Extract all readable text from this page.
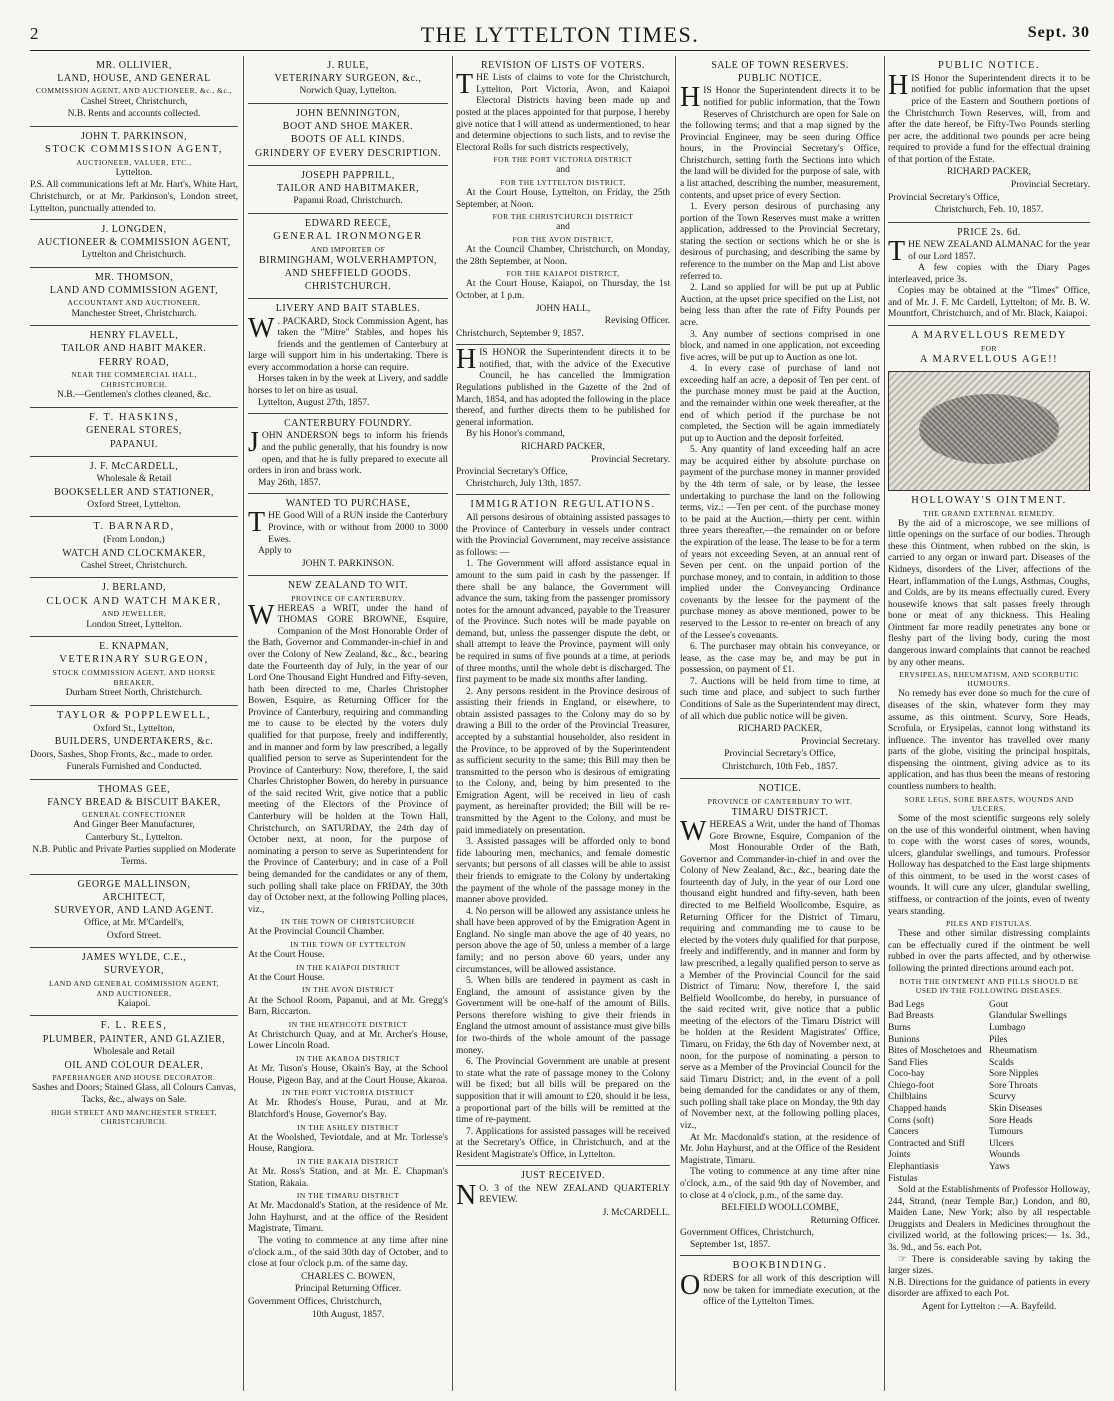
2	THE LYTTELTON TIMES.	Sept. 30
MR. OLLIVIER,
LAND, HOUSE, AND GENERAL
COMMISSION AGENT, AND AUCTIONEER, &c., &c.,
Cashel Street, Christchurch,
N.B. Rents and accounts collected.
JOHN T. PARKINSON,
STOCK COMMISSION AGENT,
AUCTIONEER, VALUER, ETC.,
Lyttelton.

P.S. All communications left at Mr. Hart's, White Hart, Christchurch, or at Mr. Parkinson's, London street, Lyttelton, punctually attended to.

J. LONGDEN,
AUCTIONEER & COMMISSION AGENT,
Lyttelton and Christchurch.
MR. THOMSON,
LAND AND COMMISSION AGENT,
ACCOUNTANT AND AUCTIONEER,
Manchester Street, Christchurch.
HENRY FLAVELL,
TAILOR AND HABIT MAKER.
FERRY ROAD,
NEAR THE COMMERCIAL HALL,
CHRISTCHURCH.
N.B.—Gentlemen's clothes cleaned, &c.
F. T. HASKINS,
GENERAL STORES,
PAPANUI.
J. F. McCARDELL,
Wholesale & Retail
BOOKSELLER AND STATIONER,
Oxford Street, Lyttelton.
T. BARNARD,
(From London,)
WATCH AND CLOCKMAKER,
Cashel Street, Christchurch.
J. BERLAND,
CLOCK AND WATCH MAKER,
AND JEWELLER,
London Street, Lyttelton.
E. KNAPMAN,
VETERINARY SURGEON,
STOCK COMMISSION AGENT, AND HORSE
BREAKER,
Durham Street North, Christchurch.
TAYLOR & POPPLEWELL,
Oxford St., Lyttelton,
BUILDERS, UNDERTAKERS, &c.

Doors, Sashes, Shop Fronts, &c., made to order.

Funerals Furnished and Conducted.
THOMAS GEE,
FANCY BREAD & BISCUIT BAKER,
GENERAL CONFECTIONER
And Ginger Beer Manufacturer,
Canterbury St., Lyttelton.
N.B. Public and Private Parties supplied on Moderate Terms.
GEORGE MALLINSON,
ARCHITECT,
SURVEYOR, AND LAND AGENT.
Office, at Mr. M'Cardell's,
Oxford Street.
JAMES WYLDE, C.E.,
SURVEYOR,
LAND AND GENERAL COMMISSION AGENT,
AND AUCTIONEER,
Kaiapoi.
F. L. REES,
PLUMBER, PAINTER, AND GLAZIER,
Wholesale and Retail
OIL AND COLOUR DEALER,
PAPERHANGER AND HOUSE DECORATOR.
Sashes and Doors; Stained Glass, all Colours Canvas, Tacks, &c., always on Sale.
HIGH STREET AND MANCHESTER STREET, CHRISTCHURCH.
J. RULE,
VETERINARY SURGEON, &c.,
Norwich Quay, Lyttelton.
JOHN BENNINGTON,
BOOT AND SHOE MAKER.
BOOTS OF ALL KINDS.
GRINDERY OF EVERY DESCRIPTION.
JOSEPH PAPPRILL,
TAILOR AND HABITMAKER,
Papanui Road, Christchurch.
EDWARD REECE,
GENERAL IRONMONGER
AND IMPORTER OF
BIRMINGHAM, WOLVERHAMPTON,
AND SHEFFIELD GOODS.
CHRISTCHURCH.
LIVERY AND BAIT STABLES.

W . PACKARD, Stock Commission Agent, has taken the "Mitre" Stables, and hopes his friends and the gentlemen of Canterbury at large will support him in his undertaking. There is every accommodation a horse can require.

Horses taken in by the week at Livery, and saddle horses to let on hire as usual.

Lyttelton, August 27th, 1857.

CANTERBURY FOUNDRY.

JOHN ANDERSON begs to inform his friends and the public generally, that his foundry is now open, and that he is fully prepared to execute all orders in iron and brass work.

May 26th, 1857.

WANTED TO PURCHASE,

THE Good Will of a RUN inside the Canterbury Province, with or without from 2000 to 3000 Ewes.

Apply to

JOHN T. PARKINSON.
NEW ZEALAND TO WIT.
PROVINCE OF CANTERBURY.

WHEREAS a WRIT, under the hand of THOMAS GORE BROWNE, Esquire, Companion of the Most Honorable Order of the Bath, Governor and Commander-in-chief in and over the Colony of New Zealand, &c., &c., bearing date the Fourteenth day of July, in the year of our Lord One Thousand Eight Hundred and Fifty-seven, hath been directed to me, Charles Christopher Bowen, Esquire, as Returning Officer for the Province of Canterbury, requiring and commanding me to cause to be elected by the voters duly qualified for that purpose, freely and indifferently, and in manner and form by law prescribed, a legally qualified person to serve as Superintendent for the Province of Canterbury: Now, therefore, I, the said Charles Christopher Bowen, do hereby in pursuance of the said recited Writ, give notice that a public meeting of the Electors of the Province of Canterbury will be holden at the Town Hall, Christchurch, on SATURDAY, the 24th day of October next, at noon, for the purpose of nominating a person to serve as Superintendent for the Province of Canterbury; and in case of a Poll being demanded for the candidates or any of them, such polling shall take place on FRIDAY, the 30th day of October next, at the following Polling places, viz.,

IN THE TOWN OF CHRISTCHURCH

At the Provincial Council Chamber.

IN THE TOWN OF LYTTELTON

At the Court House.

IN THE KAIAPOI DISTRICT

At the Court House.

IN THE AVON DISTRICT

At the School Room, Papanui, and at Mr. Gregg's Barn, Riccarton.

IN THE HEATHCOTE DISTRICT

At Christchurch Quay, and at Mr. Archer's House, Lower Lincoln Road.

IN THE AKAROA DISTRICT

At Mr. Tuson's House, Okain's Bay, at the School House, Pigeon Bay, and at the Court House, Akaroa.

IN THE PORT VICTORIA DISTRICT

At Mr. Rhodes's House, Purau, and at Mr. Blatchford's House, Governor's Bay.

IN THE ASHLEY DISTRICT

At the Woolshed, Teviotdale, and at Mr. Torlesse's House, Rangiora.

IN THE RAKAIA DISTRICT

At Mr. Ross's Station, and at Mr. E. Chapman's Station, Rakaia.

IN THE TIMARU DISTRICT

At Mr. Macdonald's Station, at the residence of Mr. John Hayhurst, and at the office of the Resident Magistrate, Timaru.

The voting to commence at any time after nine o'clock a.m., of the said 30th day of October, and to close at four o'clock p.m. of the same day.

CHARLES C. BOWEN,
Principal Returning Officer.

Government Offices, Christchurch,

10th August, 1857.
REVISION OF LISTS OF VOTERS.

THE Lists of claims to vote for the Christchurch, Lyttelton, Port Victoria, Avon, and Kaiapoi Electoral Districts having been made up and posted at the places appointed for that purpose, I hereby give notice that I will attend as undermentioned, to hear and determine objections to such lists, and to revise the Electoral Rolls for such districts respectively,

FOR THE PORT VICTORIA DISTRICT
and
FOR THE LYTTELTON DISTRICT,

At the Court House, Lyttelton, on Friday, the 25th September, at Noon.

FOR THE CHRISTCHURCH DISTRICT
and
FOR THE AVON DISTRICT,

At the Council Chamber, Christchurch, on Monday, the 28th September, at Noon.

FOR THE KAIAPOI DISTRICT,

At the Court House, Kaiapoi, on Thursday, the 1st October, at 1 p.m.

JOHN HALL,
Revising Officer.

Christchurch, September 9, 1857.

HIS HONOR the Superintendent directs it to be notified, that, with the advice of the Executive Council, he has cancelled the Immigration Regulations published in the Gazette of the 2nd of March, 1854, and has adopted the following in the place thereof, and further directs them to be published for general information.

By his Honor's command,

RICHARD PACKER,
Provincial Secretary.

Provincial Secretary's Office,

Christchurch, July 13th, 1857.

IMMIGRATION REGULATIONS.

All persons desirous of obtaining assisted passages to the Province of Canterbury in vessels under contract with the Provincial Government, may receive assistance as follows: —

1. The Government will afford assistance equal in amount to the sum paid in cash by the passenger. If there shall be any balance, the Government will advance the sum, taking from the passenger promissory notes for the amount advanced, payable to the Treasurer of the Province. Such notes will be made payable on demand, but, unless the passenger dispute the debt, or shall attempt to leave the Province, payment will only be required in sums of five pounds at a time, at periods of three months, until the whole debt is discharged. The first payment to be made six months after landing.

2. Any persons resident in the Province desirous of assisting their friends in England, or elsewhere, to obtain assisted passages to the Colony may do so by drawing a Bill to the order of the Provincial Treasurer, accepted by a substantial householder, also resident in the Province, to be approved of by the Superintendent as sufficient security to the same; this Bill may then be transmitted to the person who is desirous of emigrating to the Colony, and, being by him presented to the Emigration Agent, will be received in lieu of cash payment, as hereinafter provided; the Bill will be re-transmitted by the Agent to the Colony, and must be paid immediately on presentation.

3. Assisted passages will be afforded only to bond fide labouring men, mechanics, and female domestic servants; but persons of all classes will be able to assist their friends to emigrate to the Colony by undertaking the payment of the whole of the passage money in the manner above provided.

4. No person will be allowed any assistance unless he shall have been approved of by the Emigration Agent in England. No single man above the age of 40 years, no person above the age of 50, unless a member of a large family; and no person above 60 years, under any circumstances, will be allowed assistance.

5. When bills are tendered in payment as cash in England, the amount of assistance given by the Government will be one-half of the amount of Bills. Persons therefore wishing to give their friends in England the utmost amount of assistance must give bills for two-thirds of the whole amount of the passage money.

6. The Provincial Government are unable at present to state what the rate of passage money to the Colony will be fixed; but all bills will be prepared on the supposition that it will amount to £20, should it be less, a proportional part of the bills will be remitted at the time of re-payment.

7. Applications for assisted passages will be received at the Secretary's Office, in Christchurch, and at the Resident Magistrate's Office, in Lyttelton.

JUST RECEIVED.

N O. 3 of the NEW ZEALAND QUARTERLY REVIEW.

J. McCARDELL.
SALE OF TOWN RESERVES.
PUBLIC NOTICE.

HIS Honor the Superintendent directs it to be notified for public information, that the Town Reserves of Christchurch are open for Sale on the following terms; and that a map signed by the Provincial Engineer, may be seen during Office hours, in the Provincial Secretary's Office, Christchurch, setting forth the Sections into which the land will be divided for the purpose of sale, with a list attached, describing the number, measurement, contents, and upset price of every Section.

1. Every person desirous of purchasing any portion of the Town Reserves must make a written application, addressed to the Provincial Secretary, stating the section or sections which he or she is desirous of purchasing, and describing the same by reference to the number on the Map and List above referred to.

2. Land so applied for will be put up at Public Auction, at the upset price specified on the List, not being less than after the rate of Fifty Pounds per acre.

3. Any number of sections comprised in one block, and named in one application, not exceeding five acres, will be put up to Auction as one lot.

4. In every case of purchase of land not exceeding half an acre, a deposit of Ten per cent. of the purchase money must be paid at the Auction, and the remainder within one week thereafter, at the end of which period if the purchase be not completed, the Section will be again immediately put up to Auction and the deposit forfeited.

5. Any quantity of land exceeding half an acre may be acquired either by absolute purchase on payment of the purchase money in manner provided by the 4th term of sale, or by lease, the lessee undertaking to purchase the land on the following terms, viz.: —Ten per cent. of the purchase money to be paid at the Auction,—thirty per cent. within three years thereafter,—the remainder on or before the expiration of the lease. The lease to be for a term of years not exceeding Seven, at an annual rent of Seven per cent. on the unpaid portion of the purchase money, and to contain, in addition to those implied under the Conveyancing Ordinance covenants by the lessee for the payment of the purchase money as above mentioned, power to be reserved to the Lessor to re-enter on breach of any of the Lessee's covenants.

6. The purchaser may obtain his conveyance, or lease, as the case may be, and may be put in possession, on payment of £1.

7. Auctions will be held from time to time, at such time and place, and subject to such further Conditions of Sale as the Superintendent may direct, of all which due public notice will be given.

RICHARD PACKER,
Provincial Secretary.
Provincial Secretary's Office,
Christchurch, 10th Feb., 1857.
NOTICE.
PROVINCE OF CANTERBURY TO WIT.
TIMARU DISTRICT.

WHEREAS a Writ, under the hand of Thomas Gore Browne, Esquire, Companion of the Most Honourable Order of the Bath, Governor and Commander-in-chief in and over the Colony of New Zealand, &c., &c., bearing date the fourteenth day of July, in the year of our Lord one thousand eight hundred and fifty-seven, hath been directed to me Belfield Woollcombe, Esquire, as Returning Officer for the District of Timaru, requiring and commanding me to cause to be elected by the voters duly qualified for that purpose, freely and indifferently, and in manner and form by law prescribed, a legally qualified person to serve as a Member of the Provincial Council for the said District of Timaru: Now, therefore I, the said Belfield Woollcombe, do hereby, in pursuance of the said recited writ, give notice that a public meeting of the electors of the Timaru District will be holden at the Resident Magistrates' Office, Timaru, on Friday, the 6th day of November next, at noon, for the purpose of nominating a person to serve as a Member of the Provincial Council for the said Timaru District; and, in the event of a poll being demanded for the candidates or any of them, such polling shall take place on Monday, the 9th day of November next, at the following polling places, viz.,

At Mr. Macdonald's station, at the residence of Mr. John Hayhurst, and at the Office of the Resident Magistrate, Timaru.

The voting to commence at any time after nine o'clock, a.m., of the said 9th day of November, and to close at 4 o'clock, p.m., of the same day.

BELFIELD WOOLLCOMBE,
Returning Officer.

Government Offices, Christchurch,

September 1st, 1857.

BOOKBINDING.

ORDERS for all work of this description will now be taken for immediate execution, at the office of the Lyttelton Times.

PUBLIC NOTICE.

HIS Honor the Superintendent directs it to be notified for public information that the upset price of the Eastern and Southern portions of the Christchurch Town Reserves, will, from and after the date hereof, be Fifty-Two Pounds sterling per acre, the additional two pounds per acre being required to provide a fund for the effectual draining of that portion of the Estate.

RICHARD PACKER,
Provincial Secretary.

Provincial Secretary's Office,

Christchurch, Feb. 10, 1857.
PRICE 2s. 6d.

THE NEW ZEALAND ALMANAC for the year of our Lord 1857.

A few copies with the Diary Pages interleaved, price 3s.

Copies may be obtained at the "Times" Office, and of Mr. J. F. Mc Cardell, Lyttelton; of Mr. B. W. Mountfort, Christchurch, and of Mr. Black, Kaiapoi.

A MARVELLOUS REMEDY
FOR
A MARVELLOUS AGE!!
HOLLOWAY'S OINTMENT.
THE GRAND EXTERNAL REMEDY.

By the aid of a microscope, we see millions of little openings on the surface of our bodies. Through these this Ointment, when rubbed on the skin, is carried to any organ or inward part. Diseases of the Kidneys, disorders of the Liver, affections of the Heart, inflammation of the Lungs, Asthmas, Coughs, and Colds, are by its means effectually cured. Every housewife knows that salt passes freely through bone or meat of any thickness. This Healing Ointment far more readily penetrates any bone or fleshy part of the living body, curing the most dangerous inward complaints that cannot be reached by any other means.

ERYSIPELAS, RHEUMATISM, AND SCORBUTIC HUMOURS.

No remedy has ever done so much for the cure of diseases of the skin, whatever form they may assume, as this ointment. Scurvy, Sore Heads, Scrofula, or Erysipelas, cannot long withstand its influence. The inventor has travelled over many parts of the globe, visiting the principal hospitals, dispensing the ointment, giving advice as to its application, and has thus been the means of restoring countless numbers to health.

SORE LEGS, SORE BREASTS, WOUNDS AND ULCERS.

Some of the most scientific surgeons rely solely on the use of this wonderful ointment, when having to cope with the worst cases of sores, wounds, ulcers, glandular swellings, and tumours. Professor Holloway has despatched to the East large shipments of this ointment, to be used in the worst cases of wounds. It will cure any ulcer, glandular swelling, stiffness, or contraction of the joints, even of twenty years standing.

PILES AND FISTULAS.

These and other similar distressing complaints can be effectually cured if the ointment be well rubbed in over the parts affected, and by otherwise following the printed directions around each pot.

BOTH THE OINTMENT AND PILLS SHOULD BE USED IN THE FOLLOWING DISEASES.
Bad Legs
Bad Breasts
Burns
Bunions
Bites of Moschetoes and Sand Flies
Coco-bay
Chiego-foot
Chilblains
Chapped hands
Corns (soft)
Cancers
Contracted and Stiff Joints
Elephantiasis
Fistulas
Gout
Glandular Swellings
Lumbago
Piles
Rheumatism
Scalds
Sore Nipples
Sore Throats
Scurvy
Skin Diseases
Sore Heads
Tumours
Ulcers
Wounds
Yaws

Sold at the Establishments of Professor Holloway, 244, Strand, (near Temple Bar,) London, and 80, Maiden Lane, New York; also by all respectable Druggists and Dealers in Medicines throughout the civilized world, at the following prices:— 1s. 3d., 3s. 9d., and 5s. each Pot.

☞ There is considerable saving by taking the larger sizes.

N.B. Directions for the guidance of patients in every disorder are affixed to each Pot.

Agent for Lyttelton :—A. Bayfeild.
